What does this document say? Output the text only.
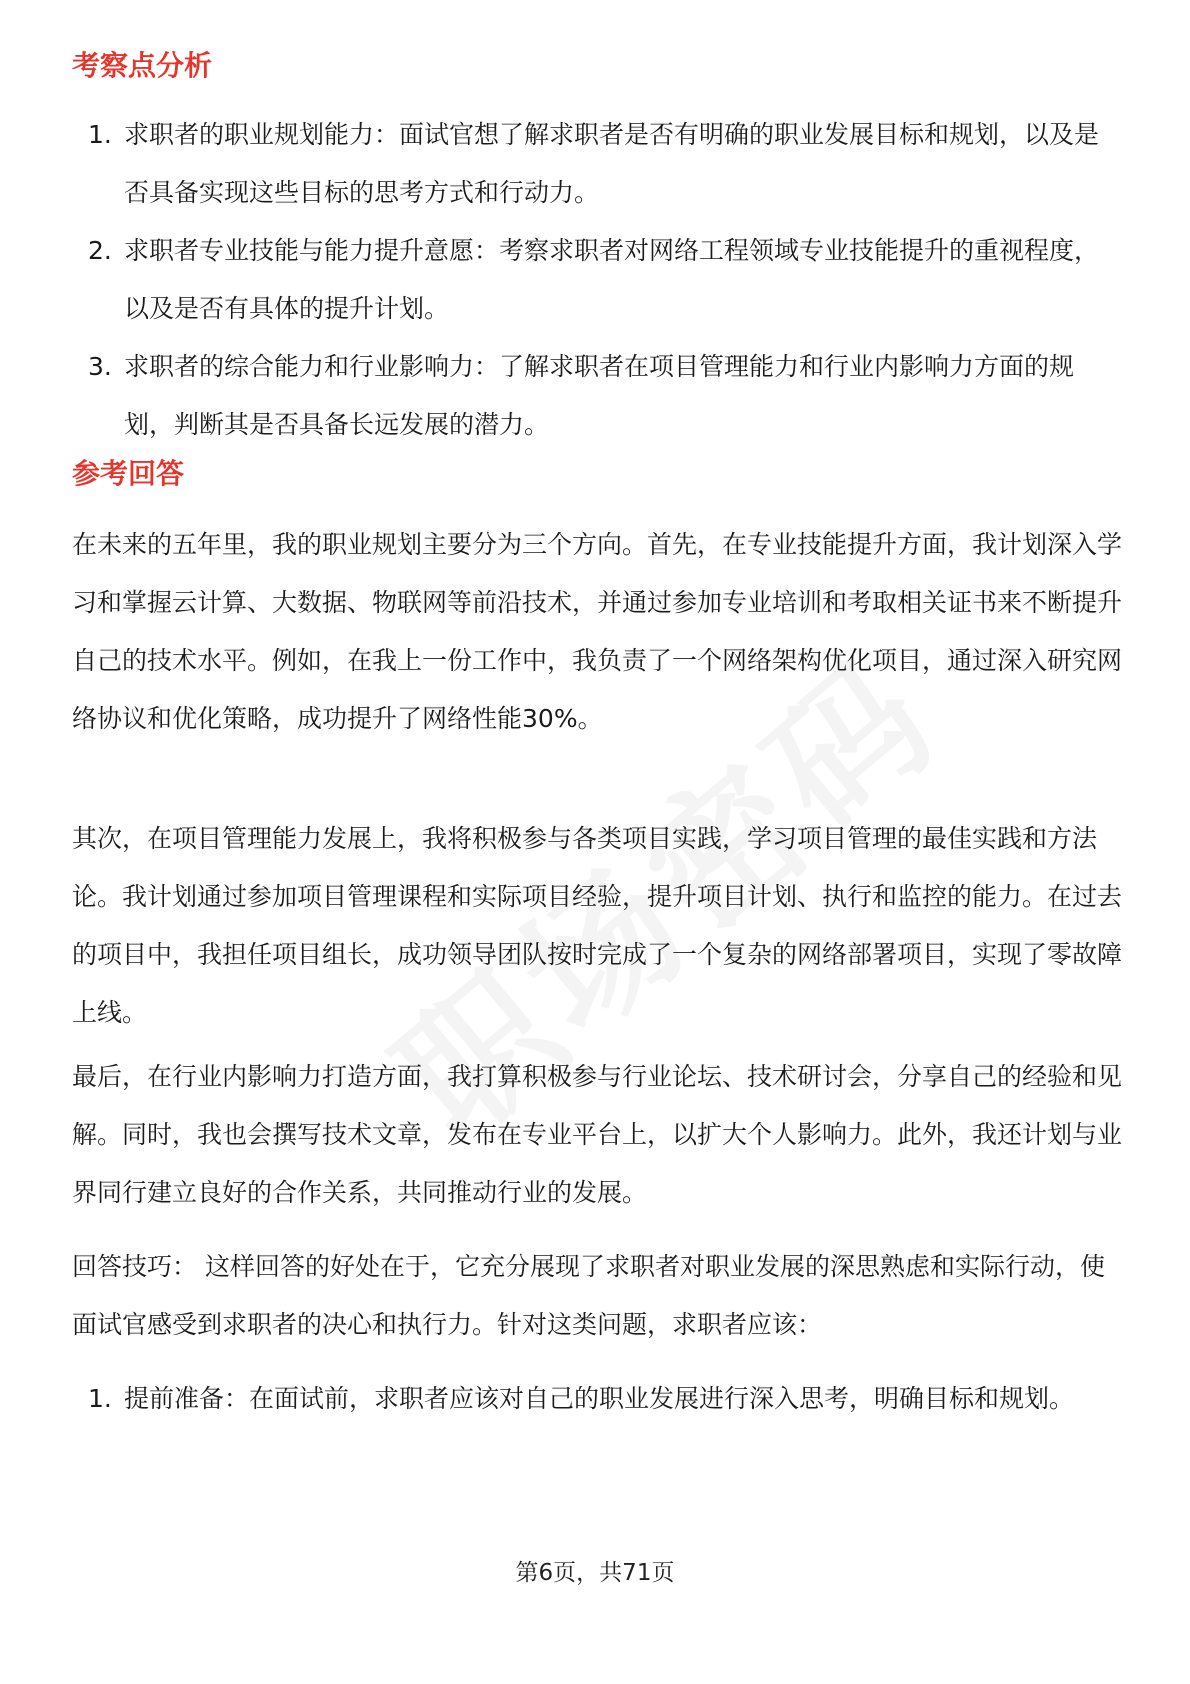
考察点分析
1. 求职者的职业规划能力：面试官想了解求职者是否有明确的职业发展目标和规划，以及是否具备实现这些目标的思考方式和行动力。
2. 求职者专业技能与能力提升意愿：考察求职者对网络工程领域专业技能提升的重视程度，以及是否有具体的提升计划。
3. 求职者的综合能力和行业影响力：了解求职者在项目管理能力和行业内影响力方面的规划，判断其是否具备长远发展的潜力。
参考回答

在未来的五年里，我的职业规划主要分为三个方向。首先，在专业技能提升方面，我计划深入学习和掌握云计算、大数据、物联网等前沿技术，并通过参加专业培训和考取相关证书来不断提升自己的技术水平。例如，在我上一份工作中，我负责了一个网络架构优化项目，通过深入研究网络协议和优化策略，成功提升了网络性能30%。

其次，在项目管理能力发展上，我将积极参与各类项目实践，学习项目管理的最佳实践和方法论。我计划通过参加项目管理课程和实际项目经验，提升项目计划、执行和监控的能力。在过去的项目中，我担任项目组长，成功领导团队按时完成了一个复杂的网络部署项目，实现了零故障上线。

最后，在行业内影响力打造方面，我打算积极参与行业论坛、技术研讨会，分享自己的经验和见解。同时，我也会撰写技术文章，发布在专业平台上，以扩大个人影响力。此外，我还计划与业界同行建立良好的合作关系，共同推动行业的发展。

回答技巧： 这样回答的好处在于，它充分展现了求职者对职业发展的深思熟虑和实际行动，使面试官感受到求职者的决心和执行力。针对这类问题，求职者应该：

1. 提前准备：在面试前，求职者应该对自己的职业发展进行深入思考，明确目标和规划。
第6页，共71页
